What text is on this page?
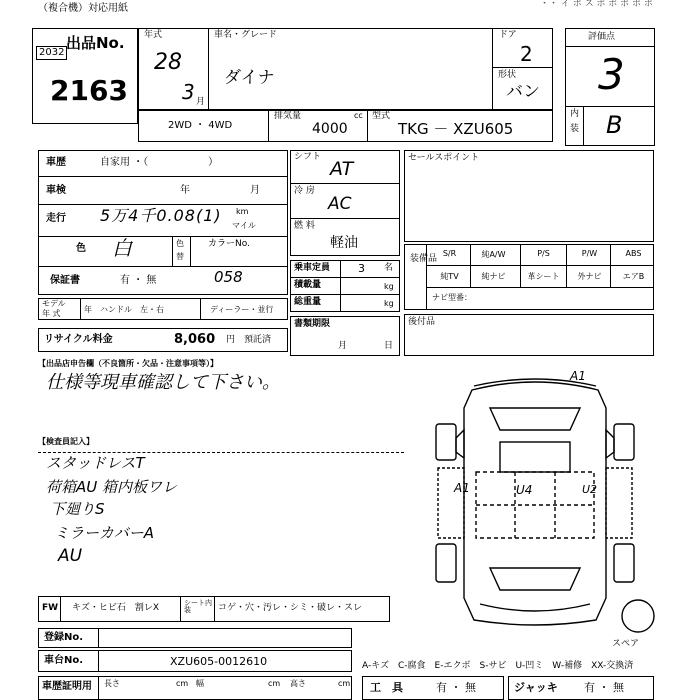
（複合機）対応用紙	・・ イ ポ ス ポ ポ ポ ポ ポ
出品No.
2032
2163
年式
28
3 月
車名・グレード
ダイナ
ドア
2
形状
バン
評価点
3
内
装 B
2WD ・ 4WD
排気量	cc
4000
型式
TKG － XZU605
車歴	自家用 ・（　　　　　　）
車検	年	月
走行 5万4千0.08(1) km
マイル
色 白	色
替
カラーNo.
058
保証書	有 ・ 無
モデル
年 式	年 ハンドル　左・右	ディーラー・並行
リサイクル料金	8,060 円 預託済
シフト
AT
冷 房
AC
燃 料
軽油
乗車定員	3 名
積載量	kg
総重量	kg
書類期限
月	日
セールスポイント
装備品
S/R	純A/W	P/S	P/W	ABS
純TV	純ナビ	革シート	外ナビ	エアB
ナビ型番：
後付品
【出品店申告欄（不良箇所・欠品・注意事項等）】
仕様等現車確認して下さい。
【検査員記入】
スタッドレスT
荷箱AU 箱内板ワレ
下廻りS
ミラーカバーA
AU
A1
A1	U4	U2
スペア
FW キズ・ヒビ石　割レX	シート内装	コゲ・穴・汚レ・シミ・破レ・スレ
登録No.
車台No.	XZU605-0012610	A-キズ　C-腐食　E-エクボ　S-サビ　U-凹ミ　W-補修　XX-交換済
車歴証明用 長さ	cm 幅	cm 高さ	cm 工　具	有 ・ 無	ジャッキ 有 ・ 無
